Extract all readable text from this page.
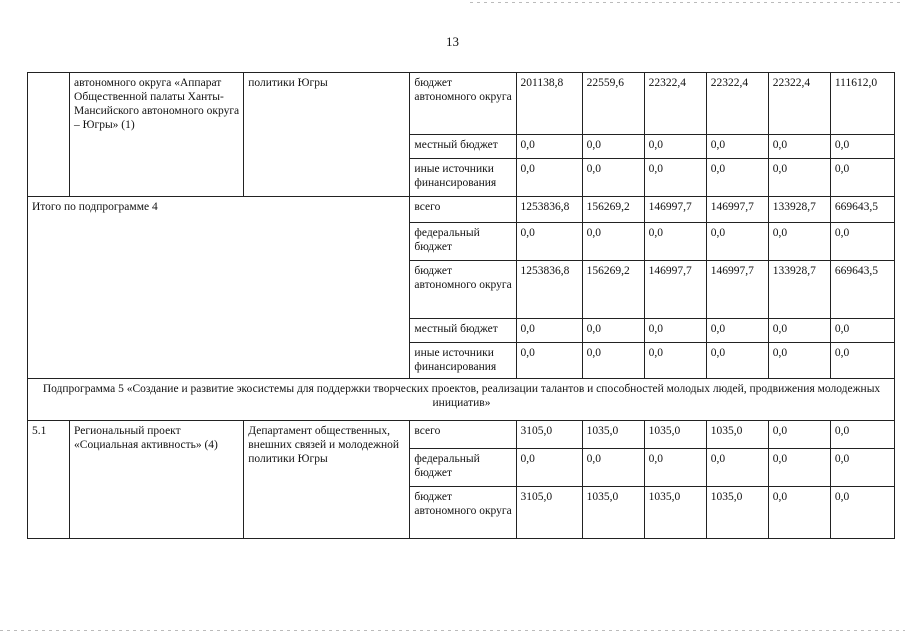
13
	автономного округа «Аппарат Общественной палаты Ханты-Мансийского автономного округа – Югры» (1)	политики Югры	бюджет автономного округа	201138,8	22559,6	22322,4	22322,4	22322,4	111612,0
			местный бюджет	0,0	0,0	0,0	0,0	0,0	0,0
			иные источники финансирования	0,0	0,0	0,0	0,0	0,0	0,0
Итого по подпрограмме 4			всего	1253836,8	156269,2	146997,7	146997,7	133928,7	669643,5
			федеральный бюджет	0,0	0,0	0,0	0,0	0,0	0,0
			бюджет автономного округа	1253836,8	156269,2	146997,7	146997,7	133928,7	669643,5
			местный бюджет	0,0	0,0	0,0	0,0	0,0	0,0
			иные источники финансирования	0,0	0,0	0,0	0,0	0,0	0,0
Подпрограмма 5 «Создание и развитие экосистемы для поддержки творческих проектов, реализации талантов и способностей молодых людей, продвижения молодежных инициатив»									
5.1	Региональный проект «Социальная активность» (4)	Департамент общественных, внешних связей и молодежной политики Югры	всего	3105,0	1035,0	1035,0	1035,0	0,0	0,0
			федеральный бюджет	0,0	0,0	0,0	0,0	0,0	0,0
			бюджет автономного округа	3105,0	1035,0	1035,0	1035,0	0,0	0,0
